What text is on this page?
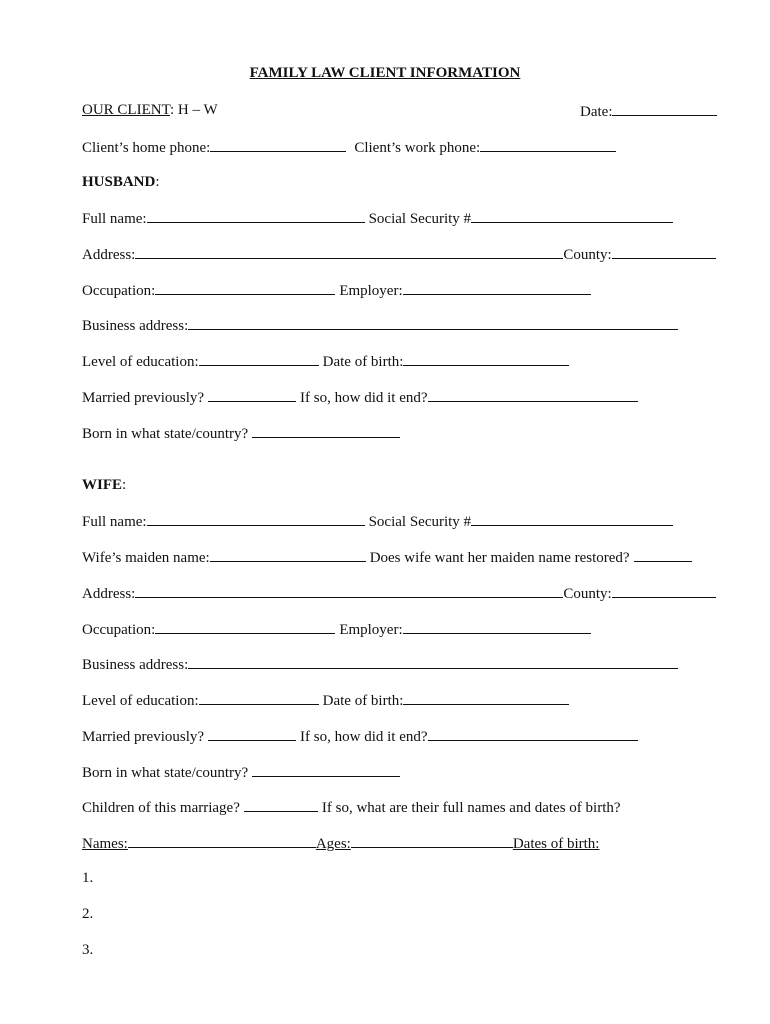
FAMILY LAW CLIENT INFORMATION
OUR CLIENT: H – W	Date:
Client’s home phone:	Client’s work phone:
HUSBAND:
Full name:	Social Security #
Address:	County:
Occupation:	Employer:
Business address:
Level of education:	Date of birth:
Married previously?	If so, how did it end?
Born in what state/country?
WIFE:
Full name:	Social Security #
Wife’s maiden name:	Does wife want her maiden name restored?
Address:	County:
Occupation:	Employer:
Business address:
Level of education:	Date of birth:
Married previously?	If so, how did it end?
Born in what state/country?
Children of this marriage?	If so, what are their full names and dates of birth?
Names:	Ages:	Dates of birth:
1.
2.
3.
